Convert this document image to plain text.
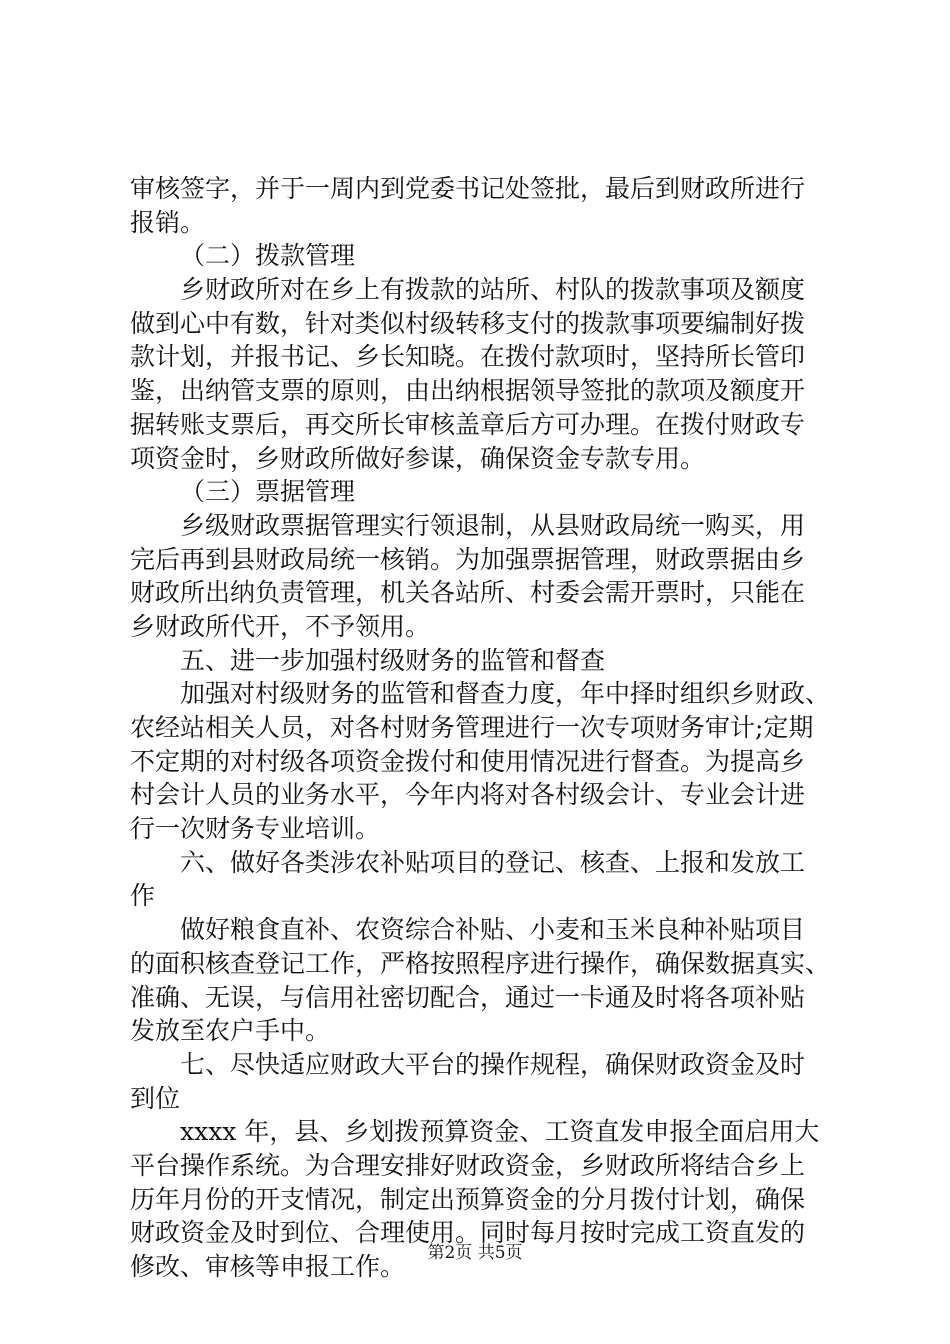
审核签字，并于一周内到党委书记处签批，最后到财政所进行
报销。
（二）拨款管理
乡财政所对在乡上有拨款的站所、村队的拨款事项及额度
做到心中有数，针对类似村级转移支付的拨款事项要编制好拨
款计划，并报书记、乡长知晓。在拨付款项时，坚持所长管印
鉴，出纳管支票的原则，由出纳根据领导签批的款项及额度开
据转账支票后，再交所长审核盖章后方可办理。在拨付财政专
项资金时，乡财政所做好参谋，确保资金专款专用。
（三）票据管理
乡级财政票据管理实行领退制，从县财政局统一购买，用
完后再到县财政局统一核销。为加强票据管理，财政票据由乡
财政所出纳负责管理，机关各站所、村委会需开票时，只能在
乡财政所代开，不予领用。
五、进一步加强村级财务的监管和督查
加强对村级财务的监管和督查力度，年中择时组织乡财政、
农经站相关人员，对各村财务管理进行一次专项财务审计;定期
不定期的对村级各项资金拨付和使用情况进行督查。为提高乡
村会计人员的业务水平，今年内将对各村级会计、专业会计进
行一次财务专业培训。
六、做好各类涉农补贴项目的登记、核查、上报和发放工
作
做好粮食直补、农资综合补贴、小麦和玉米良种补贴项目
的面积核查登记工作，严格按照程序进行操作，确保数据真实、
准确、无误，与信用社密切配合，通过一卡通及时将各项补贴
发放至农户手中。
七、尽快适应财政大平台的操作规程，确保财政资金及时
到位
xxxx 年，县、乡划拨预算资金、工资直发申报全面启用大
平台操作系统。为合理安排好财政资金，乡财政所将结合乡上
历年月份的开支情况，制定出预算资金的分月拨付计划，确保
财政资金及时到位、合理使用。同时每月按时完成工资直发的
修改、审核等申报工作。	第2页 共5页
